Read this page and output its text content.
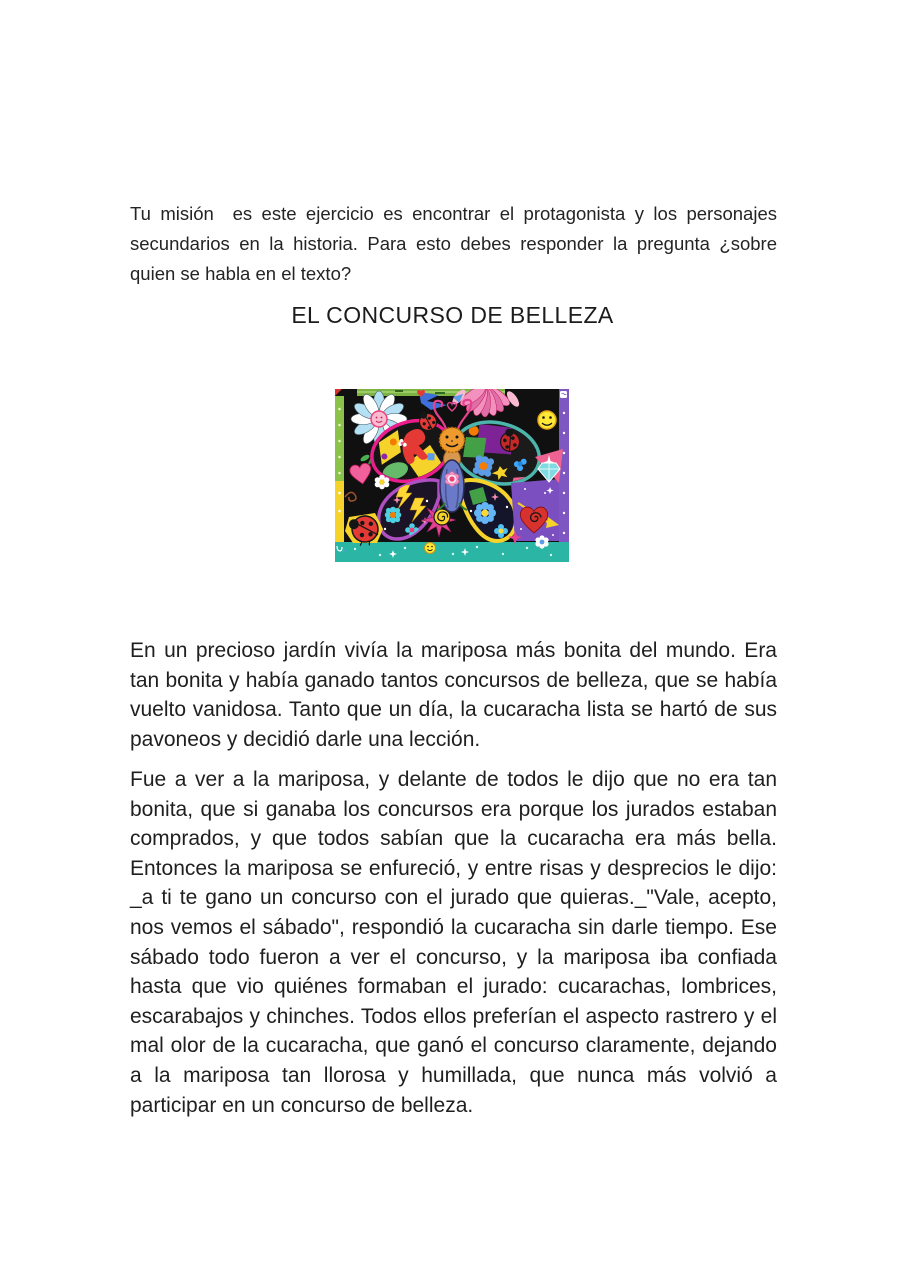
Tu misión  es este ejercicio es encontrar el protagonista y los personajes secundarios en la historia. Para esto debes responder la pregunta ¿sobre quien se habla en el texto?

EL CONCURSO DE BELLEZA

En un precioso jardín vivía la mariposa más bonita del mundo. Era tan bonita y había ganado tantos concursos de belleza, que se había vuelto vanidosa. Tanto que un día, la cucaracha lista se hartó de sus pavoneos y decidió darle una lección.

Fue a ver a la mariposa, y delante de todos le dijo que no era tan bonita, que si ganaba los concursos era porque los jurados estaban comprados, y que todos sabían que la cucaracha era más bella. Entonces la mariposa se enfureció, y entre risas y desprecios le dijo: _a ti te gano un concurso con el jurado que quieras._"Vale, acepto, nos vemos el sábado", respondió la cucaracha sin darle tiempo. Ese sábado todo fueron a ver el concurso, y la mariposa iba confiada hasta que vio quiénes formaban el jurado: cucarachas, lombrices, escarabajos y chinches. Todos ellos preferían el aspecto rastrero y el mal olor de la cucaracha, que ganó el concurso claramente, dejando a la mariposa tan llorosa y humillada, que nunca más volvió a participar en un concurso de belleza.
